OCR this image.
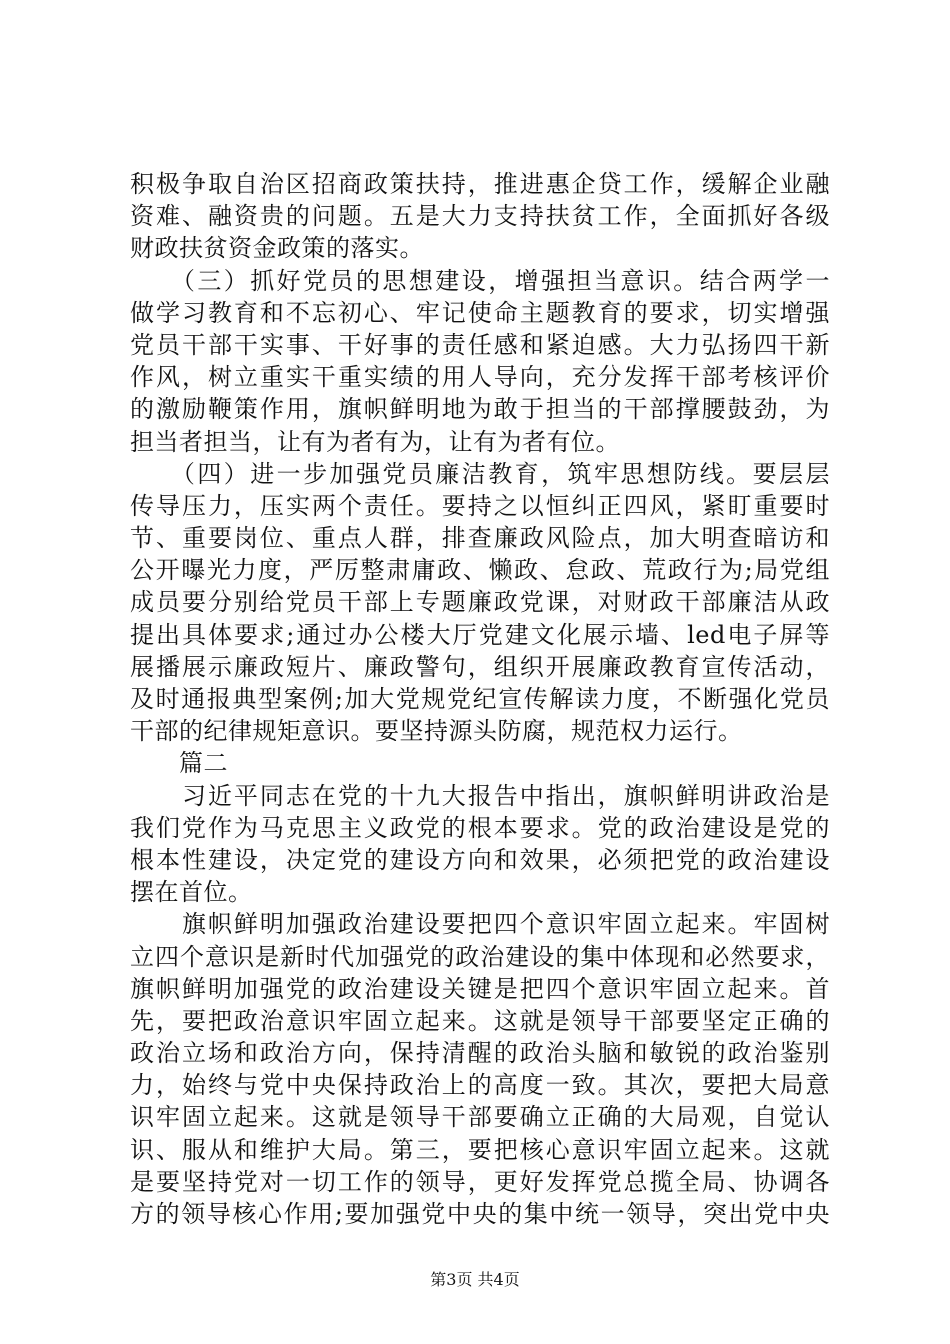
积极争取自治区招商政策扶持，推进惠企贷工作，缓解企业融
资难、融资贵的问题。五是大力支持扶贫工作，全面抓好各级
财政扶贫资金政策的落实。
　　（三）抓好党员的思想建设，增强担当意识。结合两学一
做学习教育和不忘初心、牢记使命主题教育的要求，切实增强
党员干部干实事、干好事的责任感和紧迫感。大力弘扬四干新
作风，树立重实干重实绩的用人导向，充分发挥干部考核评价
的激励鞭策作用，旗帜鲜明地为敢于担当的干部撑腰鼓劲，为
担当者担当，让有为者有为，让有为者有位。
　　（四）进一步加强党员廉洁教育，筑牢思想防线。要层层
传导压力，压实两个责任。要持之以恒纠正四风，紧盯重要时
节、重要岗位、重点人群，排查廉政风险点，加大明查暗访和
公开曝光力度，严厉整肃庸政、懒政、怠政、荒政行为;局党组
成员要分别给党员干部上专题廉政党课，对财政干部廉洁从政
提出具体要求;通过办公楼大厅党建文化展示墙、led电子屏等
展播展示廉政短片、廉政警句，组织开展廉政教育宣传活动，
及时通报典型案例;加大党规党纪宣传解读力度，不断强化党员
干部的纪律规矩意识。要坚持源头防腐，规范权力运行。
　　篇二
　　习近平同志在党的十九大报告中指出，旗帜鲜明讲政治是
我们党作为马克思主义政党的根本要求。党的政治建设是党的
根本性建设，决定党的建设方向和效果，必须把党的政治建设
摆在首位。
　　旗帜鲜明加强政治建设要把四个意识牢固立起来。牢固树
立四个意识是新时代加强党的政治建设的集中体现和必然要求，
旗帜鲜明加强党的政治建设关键是把四个意识牢固立起来。首
先，要把政治意识牢固立起来。这就是领导干部要坚定正确的
政治立场和政治方向，保持清醒的政治头脑和敏锐的政治鉴别
力，始终与党中央保持政治上的高度一致。其次，要把大局意
识牢固立起来。这就是领导干部要确立正确的大局观，自觉认
识、服从和维护大局。第三，要把核心意识牢固立起来。这就
是要坚持党对一切工作的领导，更好发挥党总揽全局、协调各
方的领导核心作用;要加强党中央的集中统一领导，突出党中央
第3页 共4页
